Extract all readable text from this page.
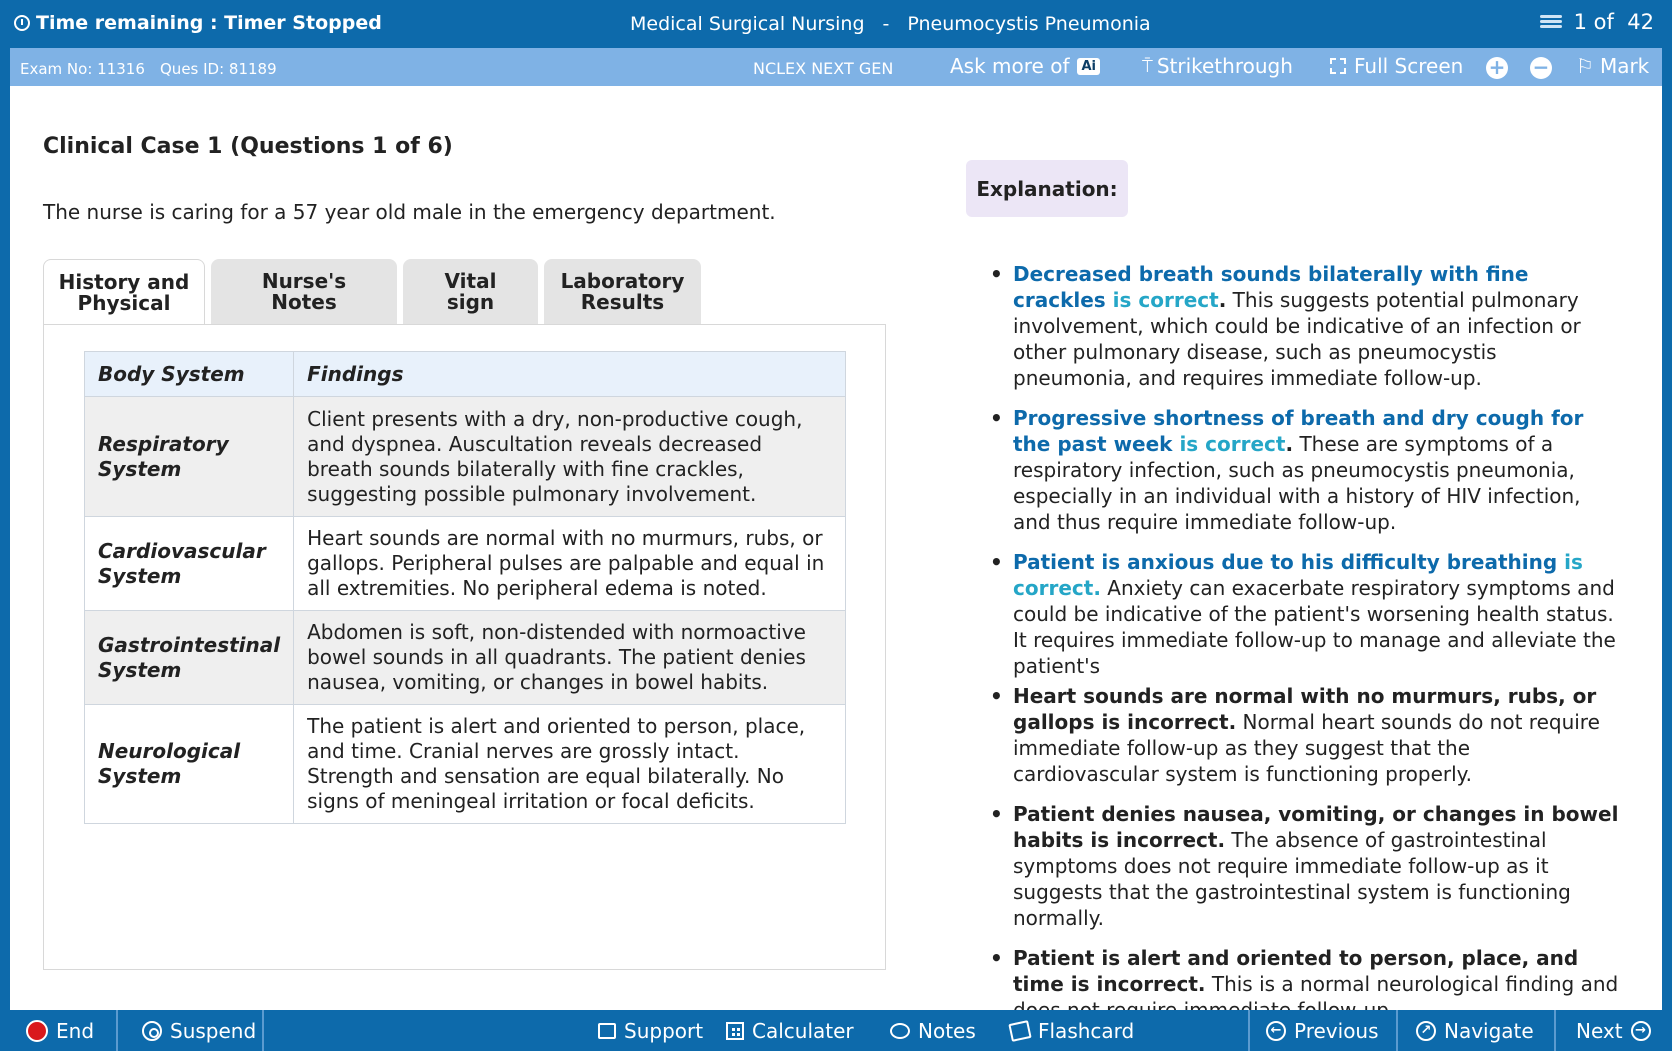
Time remaining : Timer Stopped	Medical Surgical Nursing - Pneumocystis Pneumonia	1 of  42
Exam No: 11316 Ques ID: 81189	NCLEX NEXT GEN	Ask more of Ai	⍑ Strikethrough	Full Screen + − ⚐ Mark
Clinical Case 1 (Questions 1 of 6)
The nurse is caring for a 57 year old male in the emergency department.
History and Physical
Nurse's Notes
Vital sign
Laboratory Results
Body System	Findings
Respiratory System	Client presents with a dry, non-productive cough, and dyspnea. Auscultation reveals decreased breath sounds bilaterally with fine crackles, suggesting possible pulmonary involvement.
Cardiovascular System	Heart sounds are normal with no murmurs, rubs, or gallops. Peripheral pulses are palpable and equal in all extremities. No peripheral edema is noted.
Gastrointestinal System	Abdomen is soft, non-distended with normoactive bowel sounds in all quadrants. The patient denies nausea, vomiting, or changes in bowel habits.
Neurological System	The patient is alert and oriented to person, place, and time. Cranial nerves are grossly intact. Strength and sensation are equal bilaterally. No signs of meningeal irritation or focal deficits.
Explanation:
• Decreased breath sounds bilaterally with fine crackles is correct. This suggests potential pulmonary involvement, which could be indicative of an infection or other pulmonary disease, such as pneumocystis pneumonia, and requires immediate follow-up.
• Progressive shortness of breath and dry cough for the past week is correct. These are symptoms of a respiratory infection, such as pneumocystis pneumonia, especially in an individual with a history of HIV infection, and thus require immediate follow-up.
• Patient is anxious due to his difficulty breathing is correct. Anxiety can exacerbate respiratory symptoms and could be indicative of the patient's worsening health status. It requires immediate follow-up to manage and alleviate the patient's
• Heart sounds are normal with no murmurs, rubs, or gallops is incorrect. Normal heart sounds do not require immediate follow-up as they suggest that the cardiovascular system is functioning properly.
• Patient denies nausea, vomiting, or changes in bowel habits is incorrect. The absence of gastrointestinal symptoms does not require immediate follow-up as it suggests that the gastrointestinal system is functioning normally.
• Patient is alert and oriented to person, place, and time is incorrect. This is a normal neurological finding and
End	Suspend	Support Calculater	Notes	Flashcard	← Previous	↗ Navigate Next →
